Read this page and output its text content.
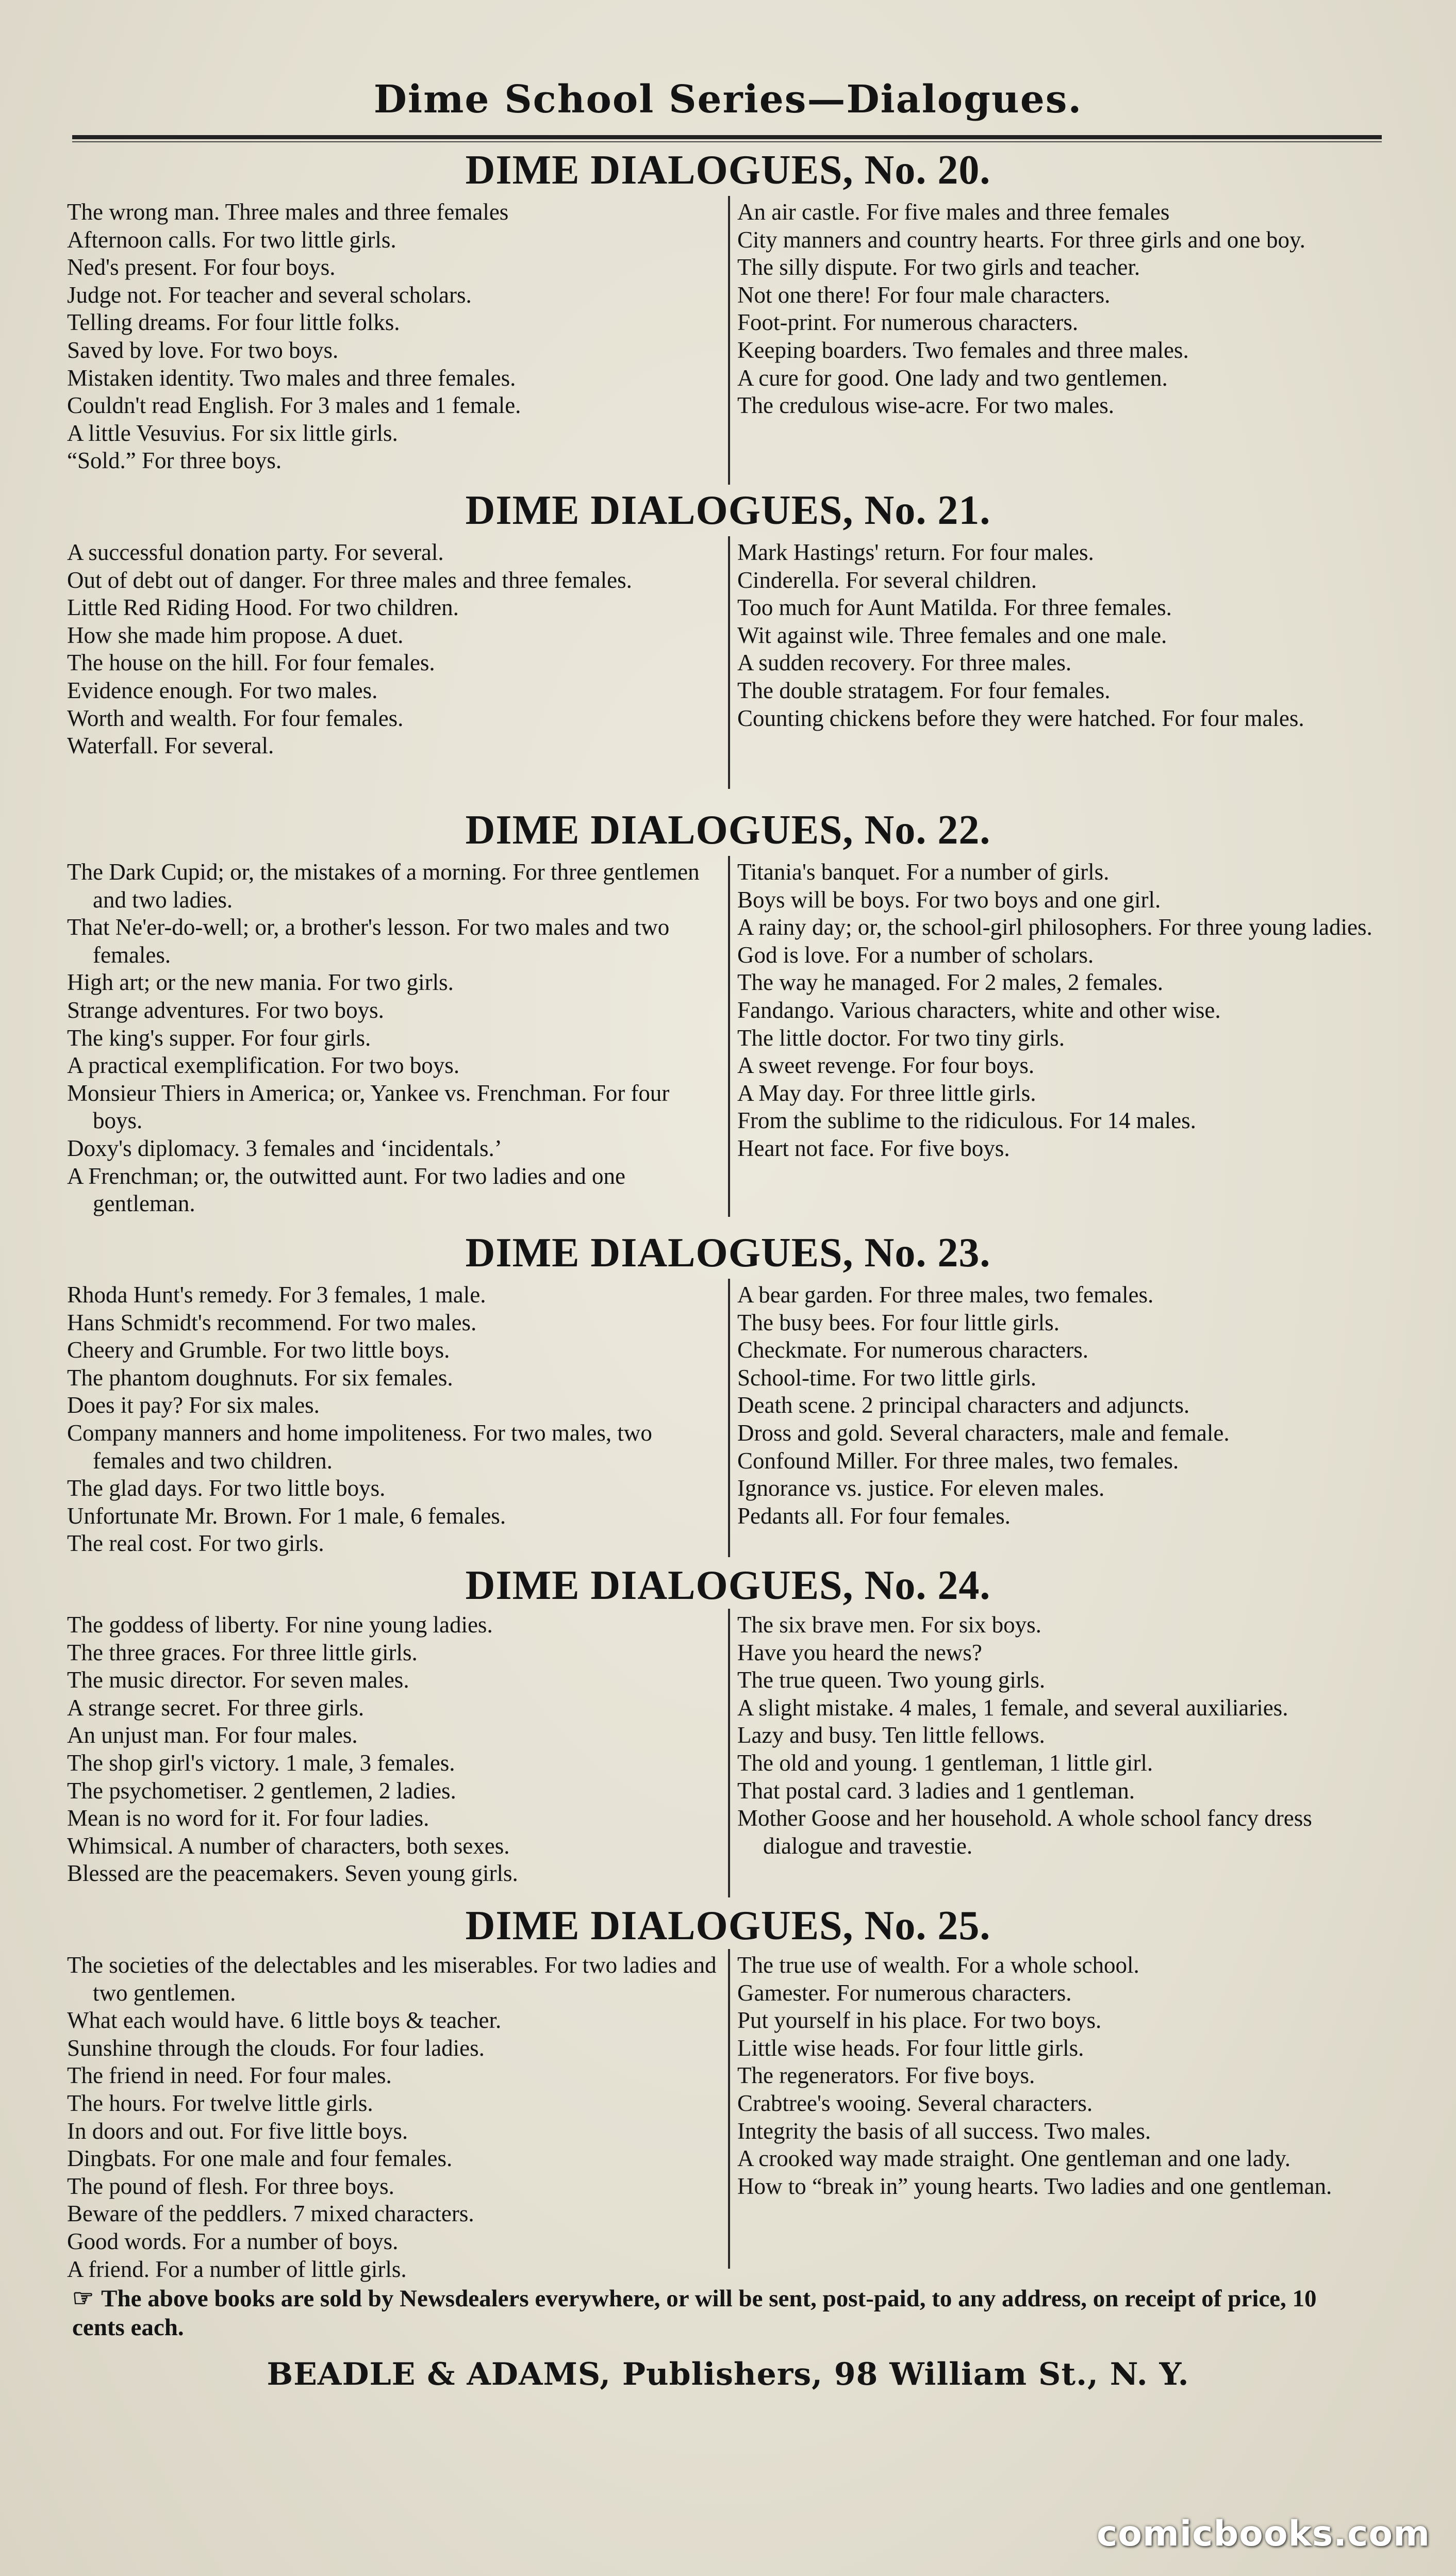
Dime School Series—Dialogues.
DIME DIALOGUES, No. 20.
The wrong man. Three males and three females
Afternoon calls. For two little girls.
Ned's present. For four boys.
Judge not. For teacher and several scholars.
Telling dreams. For four little folks.
Saved by love. For two boys.
Mistaken identity. Two males and three females.
Couldn't read English. For 3 males and 1 female.
A little Vesuvius. For six little girls.
“Sold.” For three boys.
An air castle. For five males and three females
City manners and country hearts. For three girls and one boy.
The silly dispute. For two girls and teacher.
Not one there! For four male characters.
Foot-print. For numerous characters.
Keeping boarders. Two females and three males.
A cure for good. One lady and two gentlemen.
The credulous wise-acre. For two males.
DIME DIALOGUES, No. 21.
A successful donation party. For several.
Out of debt out of danger. For three males and three females.
Little Red Riding Hood. For two children.
How she made him propose. A duet.
The house on the hill. For four females.
Evidence enough. For two males.
Worth and wealth. For four females.
Waterfall. For several.
Mark Hastings' return. For four males.
Cinderella. For several children.
Too much for Aunt Matilda. For three females.
Wit against wile. Three females and one male.
A sudden recovery. For three males.
The double stratagem. For four females.
Counting chickens before they were hatched. For four males.
DIME DIALOGUES, No. 22.
The Dark Cupid; or, the mistakes of a morning. For three gentlemen and two ladies.
That Ne'er-do-well; or, a brother's lesson. For two males and two females.
High art; or the new mania. For two girls.
Strange adventures. For two boys.
The king's supper. For four girls.
A practical exemplification. For two boys.
Monsieur Thiers in America; or, Yankee vs. Frenchman. For four boys.
Doxy's diplomacy. 3 females and ‘incidentals.’
A Frenchman; or, the outwitted aunt. For two ladies and one gentleman.
Titania's banquet. For a number of girls.
Boys will be boys. For two boys and one girl.
A rainy day; or, the school-girl philosophers. For three young ladies.
God is love. For a number of scholars.
The way he managed. For 2 males, 2 females.
Fandango. Various characters, white and other wise.
The little doctor. For two tiny girls.
A sweet revenge. For four boys.
A May day. For three little girls.
From the sublime to the ridiculous. For 14 males.
Heart not face. For five boys.
DIME DIALOGUES, No. 23.
Rhoda Hunt's remedy. For 3 females, 1 male.
Hans Schmidt's recommend. For two males.
Cheery and Grumble. For two little boys.
The phantom doughnuts. For six females.
Does it pay? For six males.
Company manners and home impoliteness. For two males, two females and two children.
The glad days. For two little boys.
Unfortunate Mr. Brown. For 1 male, 6 females.
The real cost. For two girls.
A bear garden. For three males, two females.
The busy bees. For four little girls.
Checkmate. For numerous characters.
School-time. For two little girls.
Death scene. 2 principal characters and adjuncts.
Dross and gold. Several characters, male and female.
Confound Miller. For three males, two females.
Ignorance vs. justice. For eleven males.
Pedants all. For four females.
DIME DIALOGUES, No. 24.
The goddess of liberty. For nine young ladies.
The three graces. For three little girls.
The music director. For seven males.
A strange secret. For three girls.
An unjust man. For four males.
The shop girl's victory. 1 male, 3 females.
The psychometiser. 2 gentlemen, 2 ladies.
Mean is no word for it. For four ladies.
Whimsical. A number of characters, both sexes.
Blessed are the peacemakers. Seven young girls.
The six brave men. For six boys.
Have you heard the news?
The true queen. Two young girls.
A slight mistake. 4 males, 1 female, and several auxiliaries.
Lazy and busy. Ten little fellows.
The old and young. 1 gentleman, 1 little girl.
That postal card. 3 ladies and 1 gentleman.
Mother Goose and her household. A whole school fancy dress dialogue and travestie.
DIME DIALOGUES, No. 25.
The societies of the delectables and les miserables. For two ladies and two gentlemen.
What each would have. 6 little boys & teacher.
Sunshine through the clouds. For four ladies.
The friend in need. For four males.
The hours. For twelve little girls.
In doors and out. For five little boys.
Dingbats. For one male and four females.
The pound of flesh. For three boys.
Beware of the peddlers. 7 mixed characters.
Good words. For a number of boys.
A friend. For a number of little girls.
The true use of wealth. For a whole school.
Gamester. For numerous characters.
Put yourself in his place. For two boys.
Little wise heads. For four little girls.
The regenerators. For five boys.
Crabtree's wooing. Several characters.
Integrity the basis of all success. Two males.
A crooked way made straight. One gentleman and one lady.
How to “break in” young hearts. Two ladies and one gentleman.
☞ The above books are sold by Newsdealers everywhere, or will be sent, post-paid, to any address, on receipt of price, 10 cents each.
BEADLE & ADAMS, Publishers, 98 William St., N. Y.
comicbooks.com
